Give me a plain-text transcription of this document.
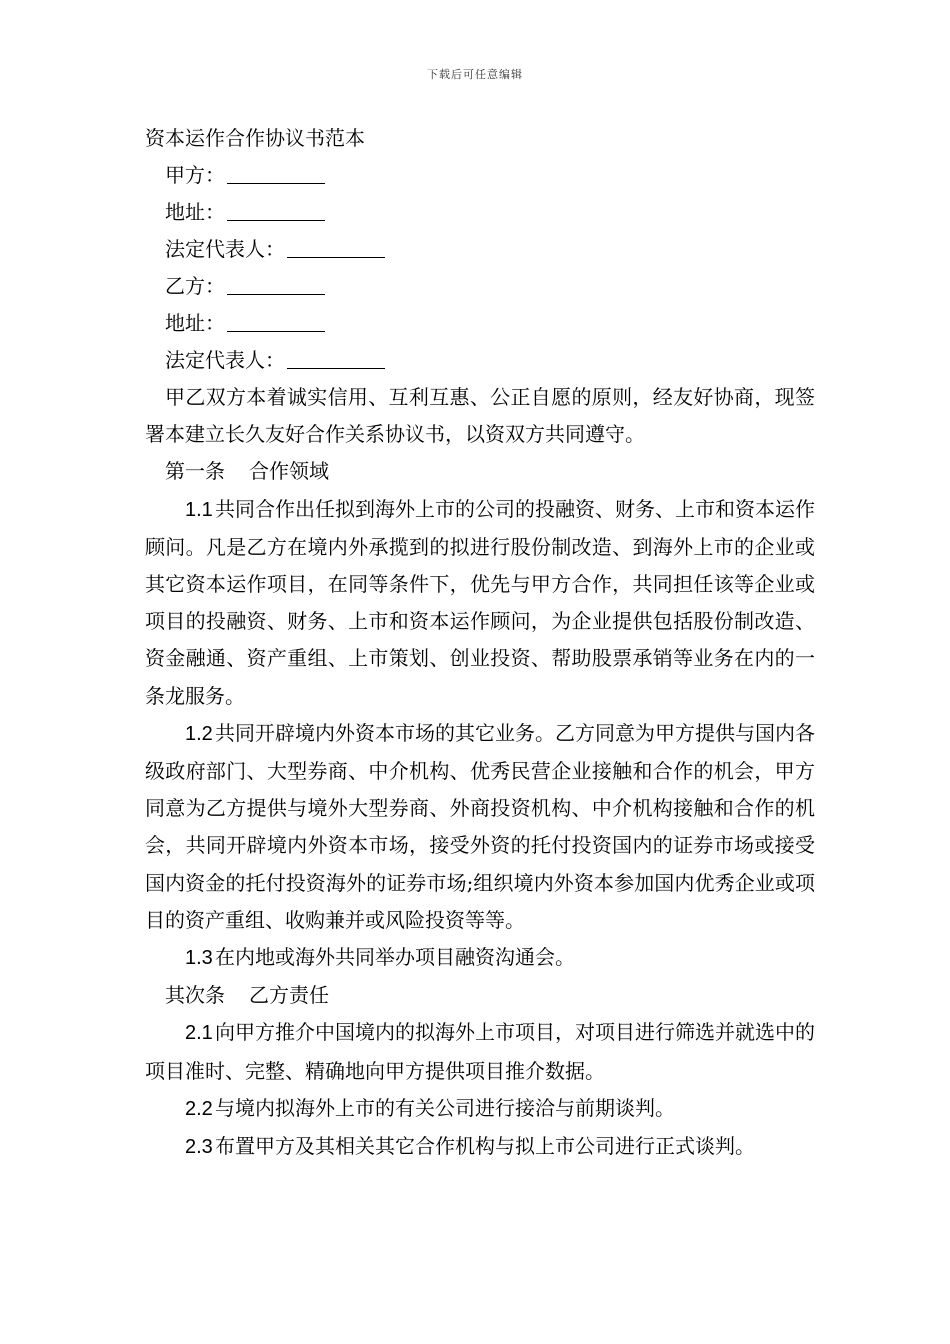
下载后可任意编辑
资本运作合作协议书范本
甲方：
地址：
法定代表人：
乙方：
地址：
法定代表人：

甲乙双方本着诚实信用、互利互惠、公正自愿的原则，经友好协商，现签署本建立长久友好合作关系协议书，以资双方共同遵守。

第一条 合作领域

1.1 共同合作出任拟到海外上市的公司的投融资、财务、上市和资本运作顾问。凡是乙方在境内外承揽到的拟进行股份制改造、到海外上市的企业或其它资本运作项目，在同等条件下，优先与甲方合作，共同担任该等企业或项目的投融资、财务、上市和资本运作顾问，为企业提供包括股份制改造、资金融通、资产重组、上市策划、创业投资、帮助股票承销等业务在内的一条龙服务。

1.2 共同开辟境内外资本市场的其它业务。乙方同意为甲方提供与国内各级政府部门、大型券商、中介机构、优秀民营企业接触和合作的机会，甲方同意为乙方提供与境外大型券商、外商投资机构、中介机构接触和合作的机会，共同开辟境内外资本市场，接受外资的托付投资国内的证券市场或接受国内资金的托付投资海外的证券市场;组织境内外资本参加国内优秀企业或项目的资产重组、收购兼并或风险投资等等。

1.3 在内地或海外共同举办项目融资沟通会。

其次条 乙方责任

2.1 向甲方推介中国境内的拟海外上市项目，对项目进行筛选并就选中的项目准时、完整、精确地向甲方提供项目推介数据。

2.2 与境内拟海外上市的有关公司进行接洽与前期谈判。

2.3 布置甲方及其相关其它合作机构与拟上市公司进行正式谈判。
